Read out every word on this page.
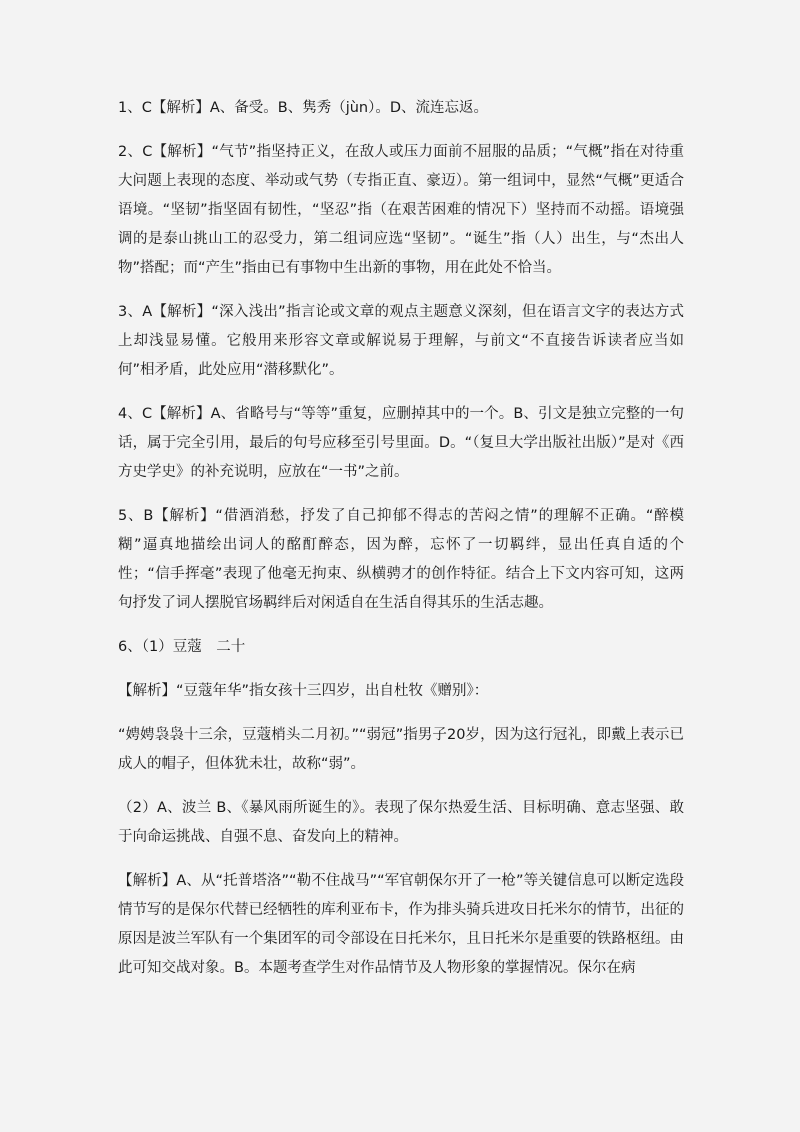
1、C【解析】A、备受。B、隽秀（jùn）。D、流连忘返。

2、C【解析】“气节”指坚持正义，在敌人或压力面前不屈服的品质；“气概”指在对待重大问题上表现的态度、举动或气势（专指正直、豪迈）。第一组词中，显然“气概”更适合语境。“坚韧”指坚固有韧性，“坚忍”指（在艰苦困难的情况下）坚持而不动摇。语境强调的是泰山挑山工的忍受力，第二组词应选“坚韧”。“诞生”指（人）出生，与“杰出人物”搭配；而“产生”指由已有事物中生出新的事物，用在此处不恰当。

3、A【解析】“深入浅出”指言论或文章的观点主题意义深刻，但在语言文字的表达方式上却浅显易懂。它般用来形容文章或解说易于理解，与前文“不直接告诉读者应当如何”相矛盾，此处应用“潜移默化”。

4、C【解析】A、省略号与“等等”重复，应删掉其中的一个。B、引文是独立完整的一句话，属于完全引用，最后的句号应移至引号里面。D。“（复旦大学出版社出版）”是对《西方史学史》的补充说明，应放在“一书”之前。

5、B【解析】“借酒消愁，抒发了自己抑郁不得志的苦闷之情”的理解不正确。“醉模糊”逼真地描绘出词人的酩酊醉态，因为醉，忘怀了一切羁绊，显出任真自适的个性；“信手挥毫”表现了他毫无拘束、纵横骋才的创作特征。结合上下文内容可知，这两句抒发了词人摆脱官场羁绊后对闲适自在生活自得其乐的生活志趣。

6、（1）豆蔻　二十

【解析】“豆蔻年华”指女孩十三四岁，出自杜牧《赠别》：

“娉娉袅袅十三余，豆蔻梢头二月初。”“弱冠”指男子20岁，因为这行冠礼，即戴上表示已成人的帽子，但体犹未壮，故称“弱”。

（2）A、波兰 B、《暴风雨所诞生的》。表现了保尔热爱生活、目标明确、意志坚强、敢于向命运挑战、自强不息、奋发向上的精神。

【解析】A、从“托普塔洛”“勒不住战马”“军官朝保尔开了一枪”等关键信息可以断定选段情节写的是保尔代替已经牺牲的库利亚布卡，作为排头骑兵进攻日托米尔的情节，出征的原因是波兰军队有一个集团军的司令部设在日托米尔，且日托米尔是重要的铁路枢纽。由此可知交战对象。B。本题考查学生对作品情节及人物形象的掌握情况。保尔在病
